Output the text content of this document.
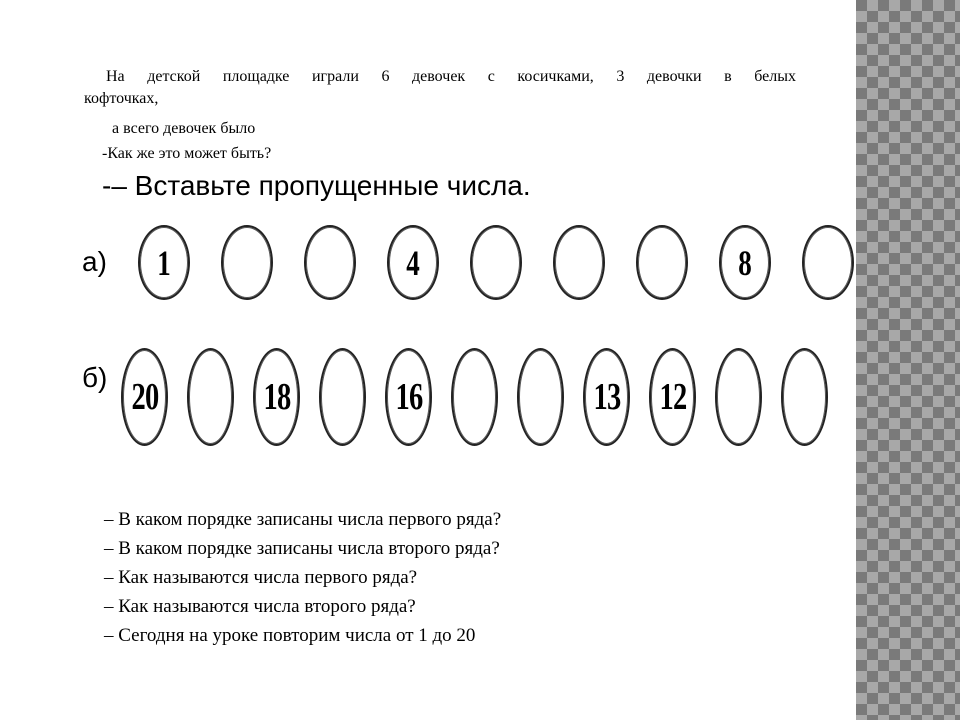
На детской площадке играли 6 девочек с косичками, 3 девочки в белых
кофточках,
а всего девочек было
-Как же это может быть?
-– Вставьте пропущенные числа.
а) 1	4	8
б) 20	18	16	13 12
– В каком порядке записаны числа первого ряда?
– В каком порядке записаны числа второго ряда?
– Как называются числа первого ряда?
– Как называются числа второго ряда?
– Сегодня на уроке повторим числа от 1 до 20
